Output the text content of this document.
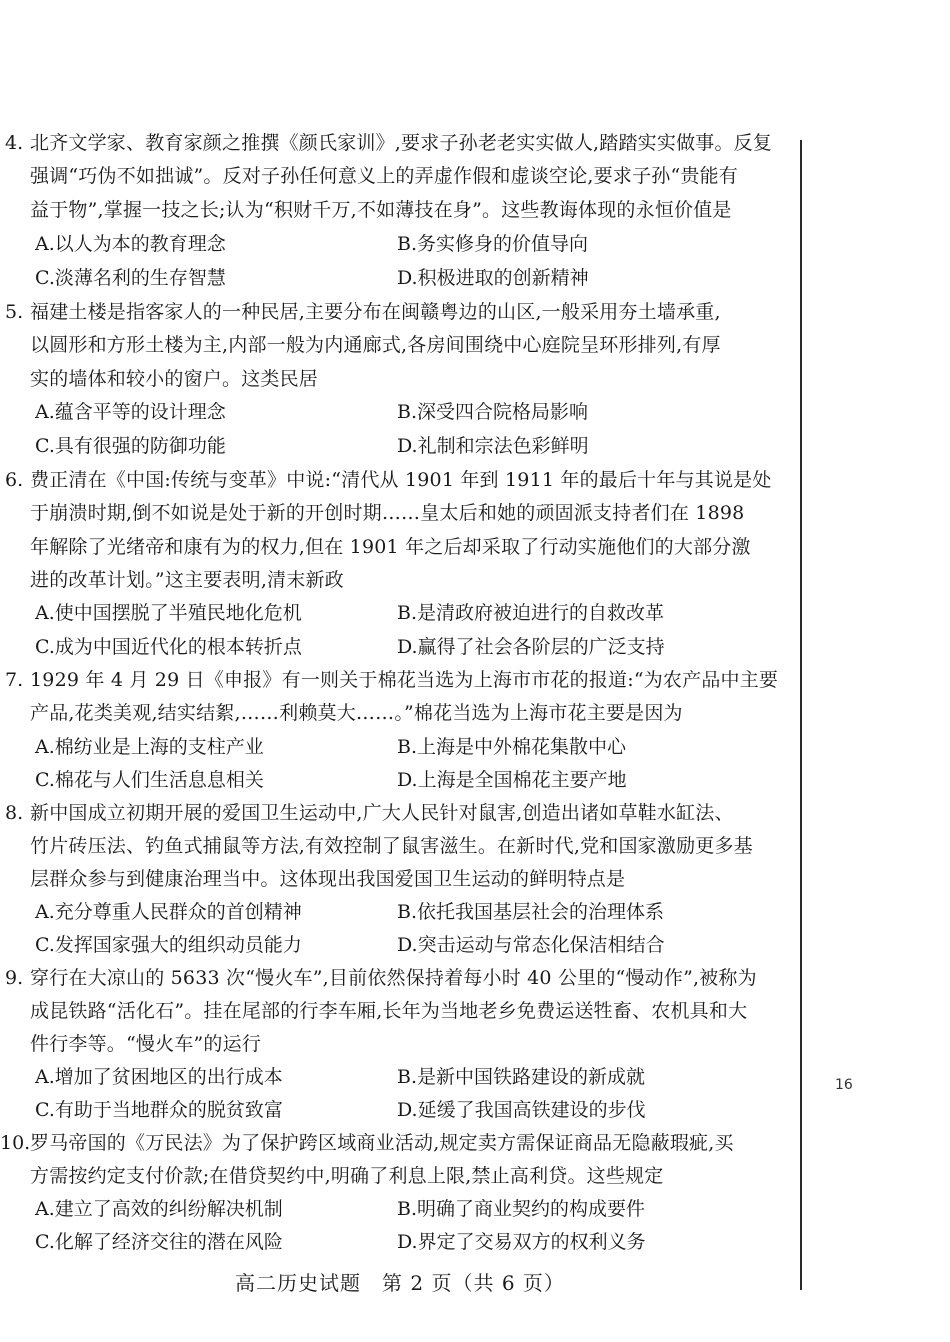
4. 北齐文学家、教育家颜之推撰《颜氏家训》,要求子孙老老实实做人,踏踏实实做事。反复
强调“巧伪不如拙诚”。反对子孙任何意义上的弄虚作假和虚谈空论,要求子孙“贵能有
益于物”,掌握一技之长;认为“积财千万,不如薄技在身”。这些教诲体现的永恒价值是
A.以人为本的教育理念	B.务实修身的价值导向
C.淡薄名利的生存智慧	D.积极进取的创新精神
5. 福建土楼是指客家人的一种民居,主要分布在闽赣粤边的山区,一般采用夯土墙承重,
以圆形和方形土楼为主,内部一般为内通廊式,各房间围绕中心庭院呈环形排列,有厚
实的墙体和较小的窗户。这类民居
A.蕴含平等的设计理念	B.深受四合院格局影响
C.具有很强的防御功能	D.礼制和宗法色彩鲜明
6. 费正清在《中国:传统与变革》中说:“清代从 1901 年到 1911 年的最后十年与其说是处
于崩溃时期,倒不如说是处于新的开创时期……皇太后和她的顽固派支持者们在 1898
年解除了光绪帝和康有为的权力,但在 1901 年之后却采取了行动实施他们的大部分激
进的改革计划。”这主要表明,清末新政
A.使中国摆脱了半殖民地化危机	B.是清政府被迫进行的自救改革
C.成为中国近代化的根本转折点	D.赢得了社会各阶层的广泛支持
7. 1929 年 4 月 29 日《申报》有一则关于棉花当选为上海市市花的报道:“为农产品中主要
产品,花类美观,结实结絮,……利赖莫大……。”棉花当选为上海市花主要是因为
A.棉纺业是上海的支柱产业	B.上海是中外棉花集散中心
C.棉花与人们生活息息相关	D.上海是全国棉花主要产地
8. 新中国成立初期开展的爱国卫生运动中,广大人民针对鼠害,创造出诸如草鞋水缸法、
竹片砖压法、钓鱼式捕鼠等方法,有效控制了鼠害滋生。在新时代,党和国家激励更多基
层群众参与到健康治理当中。这体现出我国爱国卫生运动的鲜明特点是
A.充分尊重人民群众的首创精神	B.依托我国基层社会的治理体系
C.发挥国家强大的组织动员能力	D.突击运动与常态化保洁相结合
9. 穿行在大凉山的 5633 次“慢火车”,目前依然保持着每小时 40 公里的“慢动作”,被称为
成昆铁路“活化石”。挂在尾部的行李车厢,长年为当地老乡免费运送牲畜、农机具和大
件行李等。“慢火车”的运行
A.增加了贫困地区的出行成本	B.是新中国铁路建设的新成就
C.有助于当地群众的脱贫致富	D.延缓了我国高铁建设的步伐
10. 罗马帝国的《万民法》为了保护跨区域商业活动,规定卖方需保证商品无隐蔽瑕疵,买
方需按约定支付价款;在借贷契约中,明确了利息上限,禁止高利贷。这些规定
A.建立了高效的纠纷解决机制	B.明确了商业契约的构成要件
C.化解了经济交往的潜在风险	D.界定了交易双方的权利义务
16
高二历史试题　第 2 页（共 6 页）
